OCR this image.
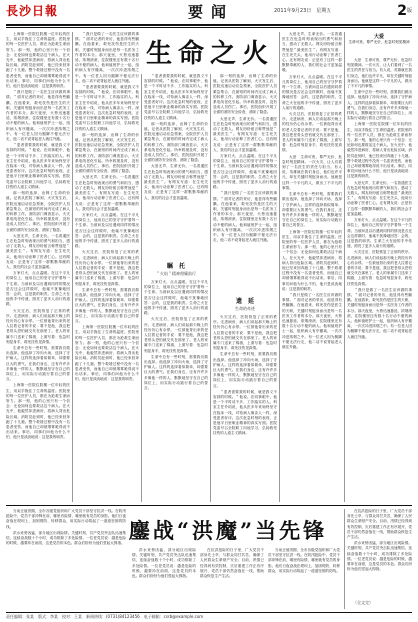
長沙日報	要闻	2011年9月23日　星期五	$2^版$
生命之火
大爱
生命可贵，尊严无价，危急时刻见精神

上海第一医院住院楼一位年轻的医生，用双手挽住了生命的温度。医院里的每一位医护人员，都在为抢救生命而努力。那一刻，他的心里只有一个信念：无论如何也要救活这个病人。在火光中，他毅然冲进病房，将病人背出危险区域。消防员赶到时，他已经来回奔跑了十几趟。整个救援过程中没有一名患者受伤，而他自己却被烟雾呛得说不出话来。事后，同事们问他为什么不怕，他只是淡淡地说：这是我的职责。

＂我只是做了一名医生应该做的事情。＂面对记者的采访，他显得有些腼腆。在他看来，救死扶伤是医生的天职，关键时刻挺身而出是每一名医务工作者的本分。那天夜里，火势迅速蔓延，浓烟滚滚，住院楼里还有数十名行动不便的病人。他和值班护士一起，组织病人有序撤离，一次次冲进浓烟之中。有一位老人因为腿脚不便无法行走，他二话不说背起老人就往外跑。

＂患者需要我的时候，就是我义不容辞的时候。＂他说。在同事眼中，他是一个平时话不多、工作踏实的人。科室主任介绍说，他从医多年来始终坚守在临床一线，对待病人像亲人一样，深受患者好评。这次危急时刻的表现，正是他平日里职业精神的真实写照。医院党委号召全院职工向他学习，弘扬救死扶伤的人道主义精神。

那一刻的选择，诠释了生命的价值。记者从医院了解到，火灾发生后，医院迅速启动应急预案，全院医护人员紧急集合，在最短的时间内完成了病人的转移工作。消防部门调查显示，火灾系电线老化引起。所幸救援及时，没有造成人员伤亡。事后，医院组织开展了全面的消防安全检查，消除了隐患。

大爱无声，生命无价。一名普通医生在危急时刻表现出的勇气和担当，感动了无数人。网友纷纷留言称赞他是＂最美医生＂。有网友写道：在生死关头，他用行动诠释了医者仁心。还有网友说：正是有了这样一群默默奉献的人，我们的社会才更加温暖。

万家灯火，点点温暖。在这个平凡的岗位上，他用自己的坚守守护着每一个生命。当被问及以后遇到同样的情况是否还会这样做时，他毫不犹豫地回答：会的，这是我的职责。生命之火在他的手中传递，照亮了更多人前行的道路。

火灾过后，医院恢复了正常的秩序。走进病房，病人们谈起那天晚上的经历仍心有余悸。一位被他背出来的老人拉着记者的手说：要不是他，我这把老骨头恐怕就交代在那里了。老人的家属专门送来了锦旗，上面写着：危急时刻显身手，救死扶伤见真情。

生命中总有一些时刻，需要我们做出选择。他选择了冲向火场，选择了守护病人。这样的选择看似简单，却需要巨大的勇气。在我们身边，还有许许多多像他一样的人，默默地坚守在自己的岗位上，用实际行动践行着自己的誓言。

上海第一医院住院楼一位年轻的医生，用双手挽住了生命的温度。医院里的每一位医护人员，都在为抢救生命而努力。那一刻，他的心里只有一个信念：无论如何也要救活这个病人。在火光中，他毅然冲进病房，将病人背出危险区域。消防员赶到时，他已经来回奔跑了十几趟。整个救援过程中没有一名患者受伤，而他自己却被烟雾呛得说不出话来。事后，同事们问他为什么不怕，他只是淡淡地说：这是我的职责。

＂我只是做了一名医生应该做的事情。＂面对记者的采访，他显得有些腼腆。在他看来，救死扶伤是医生的天职，关键时刻挺身而出是每一名医务工作者的本分。那天夜里，火势迅速蔓延，浓烟滚滚，住院楼里还有数十名行动不便的病人。他和值班护士一起，组织病人有序撤离，一次次冲进浓烟之中。有一位老人因为腿脚不便无法行走，他二话不说背起老人就往外跑。

＂患者需要我的时候，就是我义不容辞的时候。＂他说。在同事眼中，他是一个平时话不多、工作踏实的人。科室主任介绍说，他从医多年来始终坚守在临床一线，对待病人像亲人一样，深受患者好评。这次危急时刻的表现，正是他平日里职业精神的真实写照。医院党委号召全院职工向他学习，弘扬救死扶伤的人道主义精神。

那一刻的选择，诠释了生命的价值。记者从医院了解到，火灾发生后，医院迅速启动应急预案，全院医护人员紧急集合，在最短的时间内完成了病人的转移工作。消防部门调查显示，火灾系电线老化引起。所幸救援及时，没有造成人员伤亡。事后，医院组织开展了全面的消防安全检查，消除了隐患。

大爱无声，生命无价。一名普通医生在危急时刻表现出的勇气和担当，感动了无数人。网友纷纷留言称赞他是＂最美医生＂。有网友写道：在生死关头，他用行动诠释了医者仁心。还有网友说：正是有了这样一群默默奉献的人，我们的社会才更加温暖。

万家灯火，点点温暖。在这个平凡的岗位上，他用自己的坚守守护着每一个生命。当被问及以后遇到同样的情况是否还会这样做时，他毫不犹豫地回答：会的，这是我的职责。生命之火在他的手中传递，照亮了更多人前行的道路。

火灾过后，医院恢复了正常的秩序。走进病房，病人们谈起那天晚上的经历仍心有余悸。一位被他背出来的老人拉着记者的手说：要不是他，我这把老骨头恐怕就交代在那里了。老人的家属专门送来了锦旗，上面写着：危急时刻显身手，救死扶伤见真情。

生命中总有一些时刻，需要我们做出选择。他选择了冲向火场，选择了守护病人。这样的选择看似简单，却需要巨大的勇气。在我们身边，还有许许多多像他一样的人，默默地坚守在自己的岗位上，用实际行动践行着自己的誓言。

上海第一医院住院楼一位年轻的医生，用双手挽住了生命的温度。医院里的每一位医护人员，都在为抢救生命而努力。那一刻，他的心里只有一个信念：无论如何也要救活这个病人。在火光中，他毅然冲进病房，将病人背出危险区域。消防员赶到时，他已经来回奔跑了十几趟。整个救援过程中没有一名患者受伤，而他自己却被烟雾呛得说不出话来。事后，同事们问他为什么不怕，他只是淡淡地说：这是我的职责。

＂患者需要我的时候，就是我义不容辞的时候。＂他说。在同事眼中，他是一个平时话不多、工作踏实的人。科室主任介绍说，他从医多年来始终坚守在临床一线，对待病人像亲人一样，深受患者好评。这次危急时刻的表现，正是他平日里职业精神的真实写照。医院党委号召全院职工向他学习，弘扬救死扶伤的人道主义精神。

那一刻的选择，诠释了生命的价值。记者从医院了解到，火灾发生后，医院迅速启动应急预案，全院医护人员紧急集合，在最短的时间内完成了病人的转移工作。消防部门调查显示，火灾系电线老化引起。所幸救援及时，没有造成人员伤亡。事后，医院组织开展了全面的消防安全检查，消除了隐患。

大爱无声，生命无价。一名普通医生在危急时刻表现出的勇气和担当，感动了无数人。网友纷纷留言称赞他是＂最美医生＂。有网友写道：在生死关头，他用行动诠释了医者仁心。还有网友说：正是有了这样一群默默奉献的人，我们的社会才更加温暖。

瞩　托
＂火焰＂精神照耀前行

万家灯火，点点温暖。在这个平凡的岗位上，他用自己的坚守守护着每一个生命。当被问及以后遇到同样的情况是否还会这样做时，他毫不犹豫地回答：会的，这是我的职责。生命之火在他的手中传递，照亮了更多人前行的道路。

火灾过后，医院恢复了正常的秩序。走进病房，病人们谈起那天晚上的经历仍心有余悸。一位被他背出来的老人拉着记者的手说：要不是他，我这把老骨头恐怕就交代在那里了。老人的家属专门送来了锦旗，上面写着：危急时刻显身手，救死扶伤见真情。

生命中总有一些时刻，需要我们做出选择。他选择了冲向火场，选择了守护病人。这样的选择看似简单，却需要巨大的勇气。在我们身边，还有许许多多像他一样的人，默默地坚守在自己的岗位上，用实际行动践行着自己的誓言。

那一刻的选择，诠释了生命的价值。记者从医院了解到，火灾发生后，医院迅速启动应急预案，全院医护人员紧急集合，在最短的时间内完成了病人的转移工作。消防部门调查显示，火灾系电线老化引起。所幸救援及时，没有造成人员伤亡。事后，医院组织开展了全面的消防安全检查，消除了隐患。

大爱无声，生命无价。一名普通医生在危急时刻表现出的勇气和担当，感动了无数人。网友纷纷留言称赞他是＂最美医生＂。有网友写道：在生死关头，他用行动诠释了医者仁心。还有网友说：正是有了这样一群默默奉献的人，我们的社会才更加温暖。

万家灯火，点点温暖。在这个平凡的岗位上，他用自己的坚守守护着每一个生命。当被问及以后遇到同样的情况是否还会这样做时，他毫不犹豫地回答：会的，这是我的职责。生命之火在他的手中传递，照亮了更多人前行的道路。

＂我只是做了一名医生应该做的事情。＂面对记者的采访，他显得有些腼腆。在他看来，救死扶伤是医生的天职，关键时刻挺身而出是每一名医务工作者的本分。那天夜里，火势迅速蔓延，浓烟滚滚，住院楼里还有数十名行动不便的病人。他和值班护士一起，组织病人有序撤离，一次次冲进浓烟之中。有一位老人因为腿脚不便无法行走，他二话不说背起老人就往外跑。

遗　延
生命的奇迹

火灾过后，医院恢复了正常的秩序。走进病房，病人们谈起那天晚上的经历仍心有余悸。一位被他背出来的老人拉着记者的手说：要不是他，我这把老骨头恐怕就交代在那里了。老人的家属专门送来了锦旗，上面写着：危急时刻显身手，救死扶伤见真情。

生命中总有一些时刻，需要我们做出选择。他选择了冲向火场，选择了守护病人。这样的选择看似简单，却需要巨大的勇气。在我们身边，还有许许多多像他一样的人，默默地坚守在自己的岗位上，用实际行动践行着自己的誓言。

＂患者需要我的时候，就是我义不容辞的时候。＂他说。在同事眼中，他是一个平时话不多、工作踏实的人。科室主任介绍说，他从医多年来始终坚守在临床一线，对待病人像亲人一样，深受患者好评。这次危急时刻的表现，正是他平日里职业精神的真实写照。医院党委号召全院职工向他学习，弘扬救死扶伤的人道主义精神。

大爱无声，生命无价。一名普通医生在危急时刻表现出的勇气和担当，感动了无数人。网友纷纷留言称赞他是＂最美医生＂。有网友写道：在生死关头，他用行动诠释了医者仁心。还有网友说：正是有了这样一群默默奉献的人，我们的社会才更加温暖。

万家灯火，点点温暖。在这个平凡的岗位上，他用自己的坚守守护着每一个生命。当被问及以后遇到同样的情况是否还会这样做时，他毫不犹豫地回答：会的，这是我的职责。生命之火在他的手中传递，照亮了更多人前行的道路。

火灾过后，医院恢复了正常的秩序。走进病房，病人们谈起那天晚上的经历仍心有余悸。一位被他背出来的老人拉着记者的手说：要不是他，我这把老骨头恐怕就交代在那里了。老人的家属专门送来了锦旗，上面写着：危急时刻显身手，救死扶伤见真情。

大爱　生命可贵，尊严无价，危急时刻见精神。一次火灾，让人们看到了一名医生的责任与担当。有人说，英雄就在我们身边，他们也许平凡，却在关键时刻挺身而出。他就是这样一个平凡的人，做出了不平凡的事情。

生命中总有一些时刻，需要我们做出选择。他选择了冲向火场，选择了守护病人。这样的选择看似简单，却需要巨大的勇气。在我们身边，还有许许多多像他一样的人，默默地坚守在自己的岗位上，用实际行动践行着自己的誓言。

上海第一医院住院楼一位年轻的医生，用双手挽住了生命的温度。医院里的每一位医护人员，都在为抢救生命而努力。那一刻，他的心里只有一个信念：无论如何也要救活这个病人。在火光中，他毅然冲进病房，将病人背出危险区域。消防员赶到时，他已经来回奔跑了十几趟。整个救援过程中没有一名患者受伤，而他自己却被烟雾呛得说不出话来。事后，同事们问他为什么不怕，他只是淡淡地说：这是我的职责。

＂我只是做了一名医生应该做的事情。＂面对记者的采访，他显得有些腼腆。在他看来，救死扶伤是医生的天职，关键时刻挺身而出是每一名医务工作者的本分。那天夜里，火势迅速蔓延，浓烟滚滚，住院楼里还有数十名行动不便的病人。他和值班护士一起，组织病人有序撤离，一次次冲进浓烟之中。有一位老人因为腿脚不便无法行走，他二话不说背起老人就往外跑。

大爱　生命可贵，尊严无价，危急时刻见精神。一次火灾，让人们看到了一名医生的责任与担当。有人说，英雄就在我们身边，他们也许平凡，却在关键时刻挺身而出。他就是这样一个平凡的人，做出了不平凡的事情。

生命中总有一些时刻，需要我们做出选择。他选择了冲向火场，选择了守护病人。这样的选择看似简单，却需要巨大的勇气。在我们身边，还有许许多多像他一样的人，默默地坚守在自己的岗位上，用实际行动践行着自己的誓言。

上海第一医院住院楼一位年轻的医生，用双手挽住了生命的温度。医院里的每一位医护人员，都在为抢救生命而努力。那一刻，他的心里只有一个信念：无论如何也要救活这个病人。在火光中，他毅然冲进病房，将病人背出危险区域。消防员赶到时，他已经来回奔跑了十几趟。整个救援过程中没有一名患者受伤，而他自己却被烟雾呛得说不出话来。事后，同事们问他为什么不怕，他只是淡淡地说：这是我的职责。

大爱无声，生命无价。一名普通医生在危急时刻表现出的勇气和担当，感动了无数人。网友纷纷留言称赞他是＂最美医生＂。有网友写道：在生死关头，他用行动诠释了医者仁心。还有网友说：正是有了这样一群默默奉献的人，我们的社会才更加温暖。

万家灯火，点点温暖。在这个平凡的岗位上，他用自己的坚守守护着每一个生命。当被问及以后遇到同样的情况是否还会这样做时，他毫不犹豫地回答：会的，这是我的职责。生命之火在他的手中传递，照亮了更多人前行的道路。

火灾过后，医院恢复了正常的秩序。走进病房，病人们谈起那天晚上的经历仍心有余悸。一位被他背出来的老人拉着记者的手说：要不是他，我这把老骨头恐怕就交代在那里了。老人的家属专门送来了锦旗，上面写着：危急时刻显身手，救死扶伤见真情。

＂我只是做了一名医生应该做的事情。＂面对记者的采访，他显得有些腼腆。在他看来，救死扶伤是医生的天职，关键时刻挺身而出是每一名医务工作者的本分。那天夜里，火势迅速蔓延，浓烟滚滚，住院楼里还有数十名行动不便的病人。他和值班护士一起，组织病人有序撤离，一次次冲进浓烟之中。有一位老人因为腿脚不便无法行走，他二话不说背起老人就往外跑。

当前正值汛期，全市各级党组织和广大党员干部坚守抗洪一线。在防汛抢险中，党员干部冲锋在前，哪里有险情，哪里就有党员的身影。他们日夜奋战在堤坝上，加固堤防、转移群众，用实际行动筑起了一道道坚固的防线。

洪水来势凶猛，部分地区出现险情。关键时刻，共产党员突击队迅速集结，连续奋战数十个小时，成功排除了多处险情。一位老党员说：越是危险的时候，越要冲在前面，这是党员的本色。群众们纷纷为他们竖起大拇指。

鏖战“洪魔”当先锋

洪水来势凶猛，部分地区出现险情。关键时刻，共产党员突击队迅速集结，连续奋战数十个小时，成功排除了多处险情。一位老党员说：越是危险的时候，越要冲在前面，这是党员的本色。群众们纷纷为他们竖起大拇指。

在抗洪抢险的日子里，广大党员干部身先士卒，与群众同甘共苦，确保了人民群众生命财产安全。目前，汛情已经得到有效控制，灾后重建工作正有序展开，党员干部仍然奋战在一线，帮助群众恢复生产生活。

当前正值汛期，全市各级党组织和广大党员干部坚守抗洪一线。在防汛抢险中，党员干部冲锋在前，哪里有险情，哪里就有党员的身影。他们日夜奋战在堤坝上，加固堤防、转移群众，用实际行动筑起了一道道坚固的防线。

在抗洪抢险的日子里，广大党员干部身先士卒，与群众同甘共苦，确保了人民群众生命财产安全。目前，汛情已经得到有效控制，灾后重建工作正有序展开，党员干部仍然奋战在一线，帮助群众恢复生产生活。

洪水来势凶猛，部分地区出现险情。关键时刻，共产党员突击队迅速集结，连续奋战数十个小时，成功排除了多处险情。一位老党员说：越是危险的时候，越要冲在前面，这是党员的本色。群众们纷纷为他们竖起大拇指。

（全文完）
责任编辑：张某　版式：李某　校对：王某　新闻热线：(0731)84123456　电子邮箱：csrb@example.com
